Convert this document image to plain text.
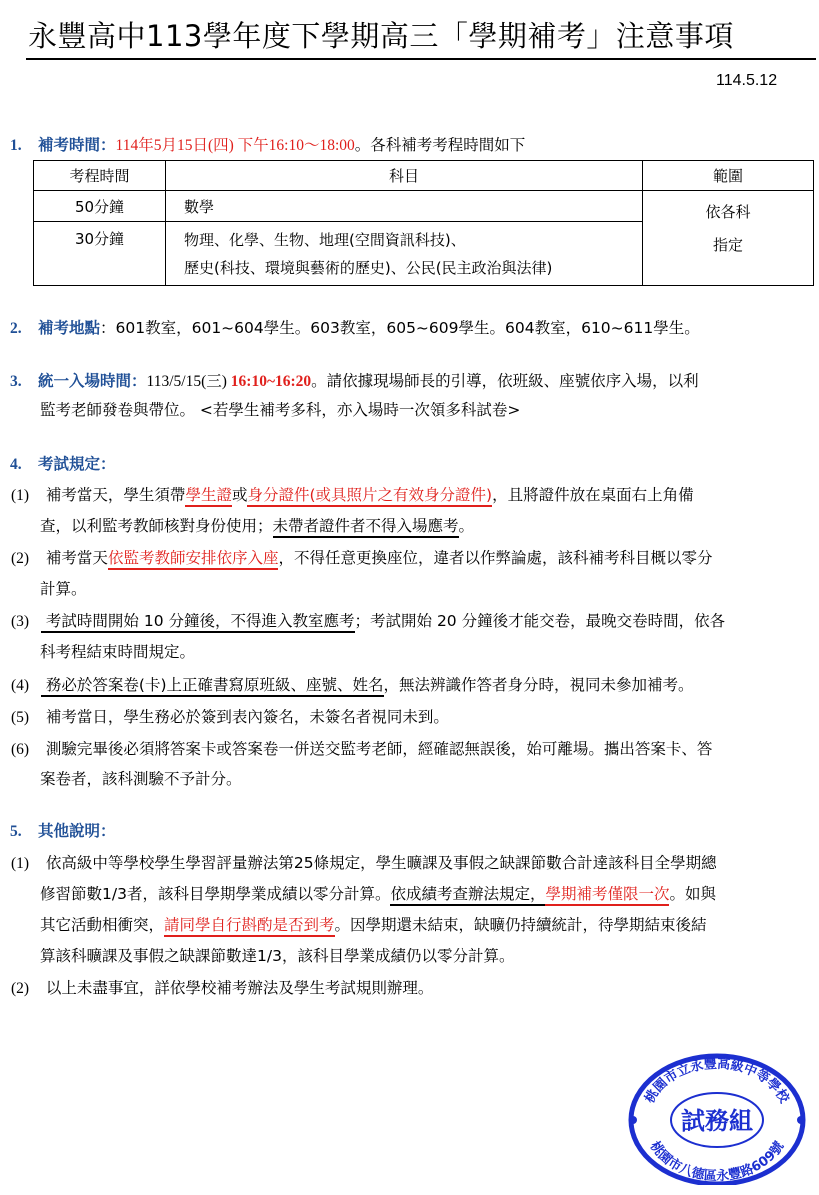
永豐高中113學年度下學期高三「學期補考」注意事項
114.5.12
1. 補考時間：114年5月15日(四) 下午16:10～18:00。各科補考考程時間如下
考程時間	科目	範圍
50分鐘	數學	依各科
指定

30分鐘	物理、化學、生物、地理(空間資訊科技)、
歷史(科技、環境與藝術的歷史)、公民(民主政治與法律)	
2. 補考地點：601教室，601~604學生。603教室，605~609學生。604教室，610~611學生。
3. 統一入場時間：113/5/15(三) 16:10~16:20。請依據現場師長的引導，依班級、座號依序入場，以利
監考老師發卷與帶位。 <若學生補考多科，亦入場時一次領多科試卷>
4. 考試規定：
(1) 補考當天，學生須帶學生證或身分證件(或具照片之有效身分證件)，且將證件放在桌面右上角備
查，以利監考教師核對身份使用；未帶者證件者不得入場應考。
(2) 補考當天依監考教師安排依序入座，不得任意更換座位，違者以作弊論處，該科補考科目概以零分
計算。
(3) 考試時間開始 10 分鐘後，不得進入教室應考；考試開始 20 分鐘後才能交卷，最晚交卷時間，依各
科考程結束時間規定。
(4) 務必於答案卷(卡)上正確書寫原班級、座號、姓名，無法辨識作答者身分時，視同未參加補考。
(5) 補考當日，學生務必於簽到表內簽名，未簽名者視同未到。
(6) 測驗完畢後必須將答案卡或答案卷一併送交監考老師，經確認無誤後，始可離場。攜出答案卡、答
案卷者，該科測驗不予計分。
5. 其他說明：
(1) 依高級中等學校學生學習評量辦法第25條規定，學生曠課及事假之缺課節數合計達該科目全學期總
修習節數1/3者，該科目學期學業成績以零分計算。依成績考查辦法規定，學期補考僅限一次。如與
其它活動相衝突，請同學自行斟酌是否到考。因學期還未結束，缺曠仍持續統計，待學期結束後結
算該科曠課及事假之缺課節數達1/3，該科目學業成績仍以零分計算。
(2) 以上未盡事宜，詳依學校補考辦法及學生考試規則辦理。
桃園市立永豐高級中等學校
桃園市八德區永豐路609號
試務組
